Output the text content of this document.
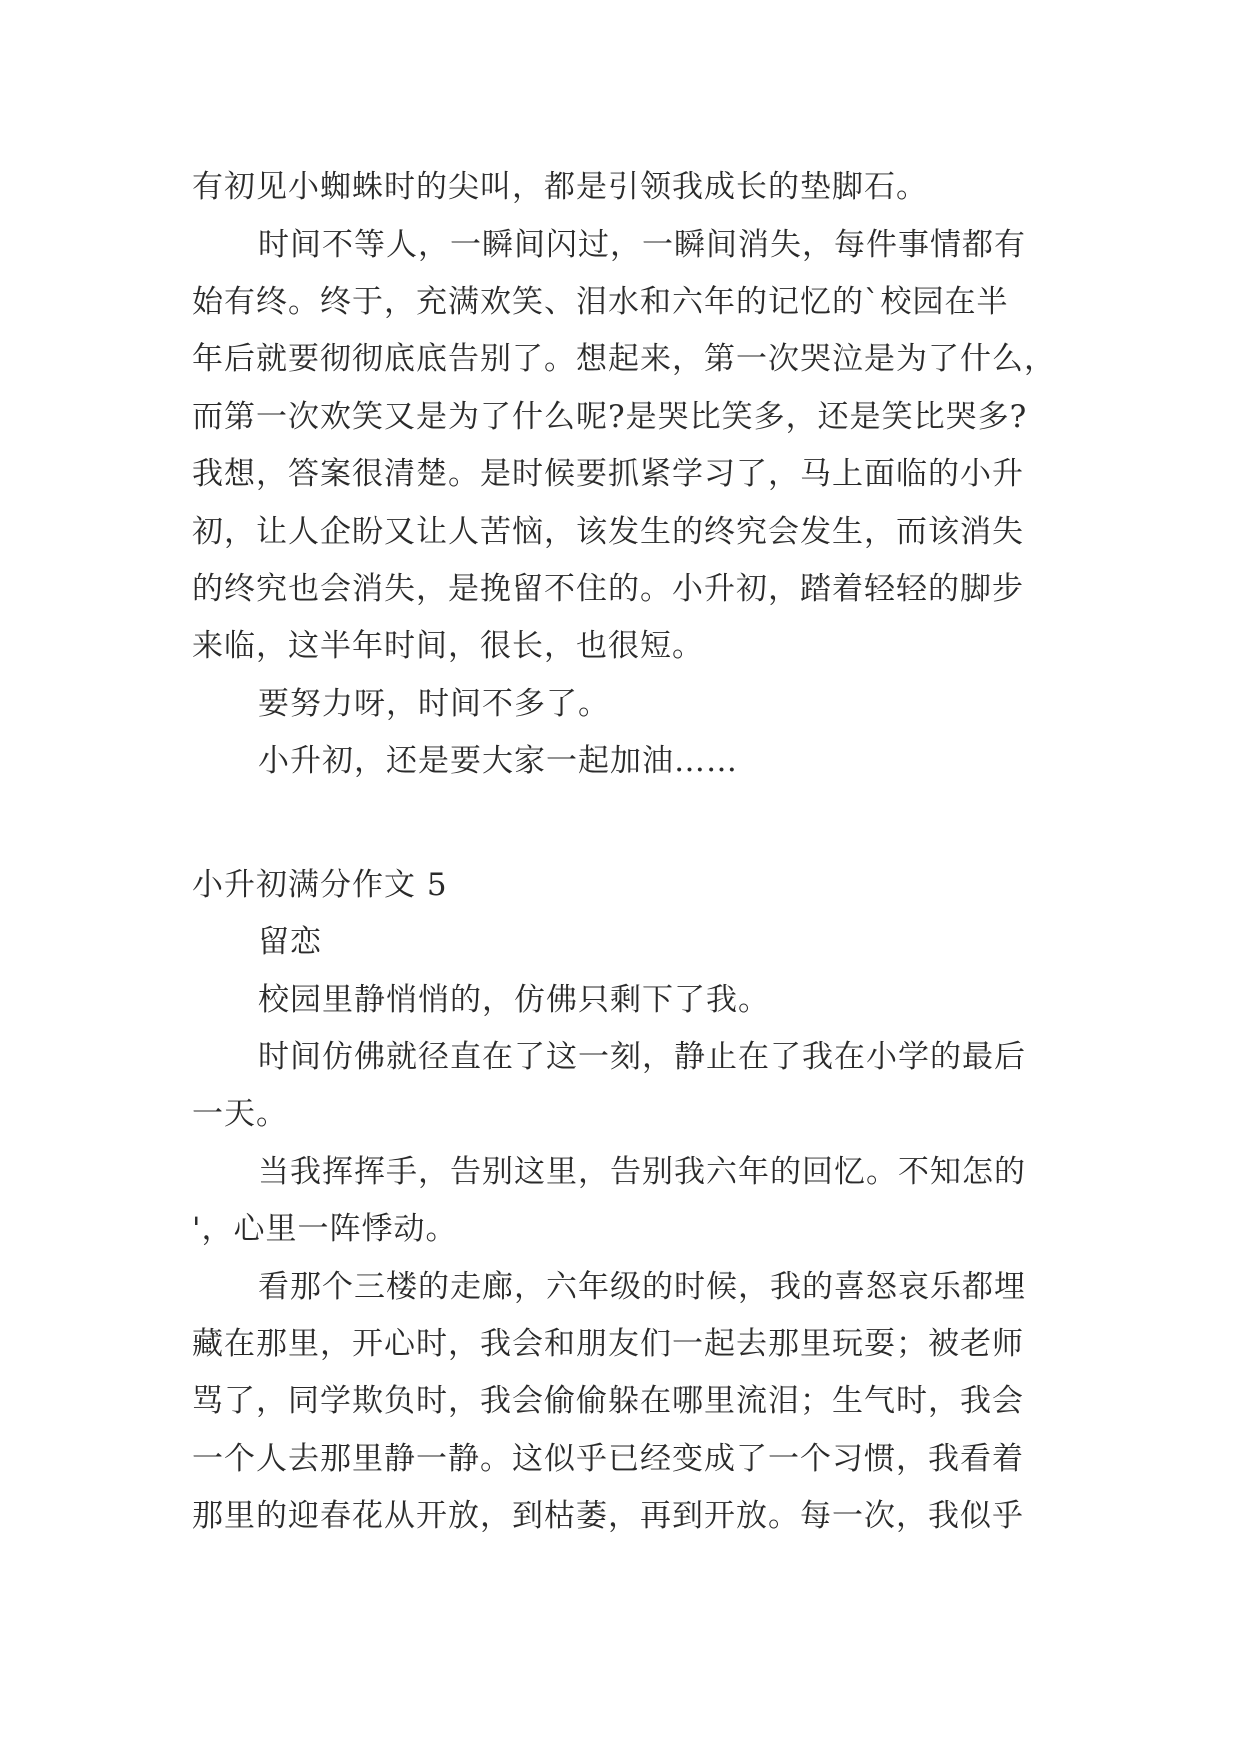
有初见小蜘蛛时的尖叫，都是引领我成长的垫脚石。

时间不等人，一瞬间闪过，一瞬间消失，每件事情都有

始有终。终于，充满欢笑、泪水和六年的记忆的`校园在半

年后就要彻彻底底告别了。想起来，第一次哭泣是为了什么，

而第一次欢笑又是为了什么呢?是哭比笑多，还是笑比哭多?

我想，答案很清楚。是时候要抓紧学习了，马上面临的小升

初，让人企盼又让人苦恼，该发生的终究会发生，而该消失

的终究也会消失，是挽留不住的。小升初，踏着轻轻的脚步

来临，这半年时间，很长，也很短。

要努力呀，时间不多了。

小升初，还是要大家一起加油……

小升初满分作文 5

留恋

校园里静悄悄的，仿佛只剩下了我。

时间仿佛就径直在了这一刻，静止在了我在小学的最后

一天。

当我挥挥手，告别这里，告别我六年的回忆。不知怎的

'，心里一阵悸动。

看那个三楼的走廊，六年级的时候，我的喜怒哀乐都埋

藏在那里，开心时，我会和朋友们一起去那里玩耍；被老师

骂了，同学欺负时，我会偷偷躲在哪里流泪；生气时，我会

一个人去那里静一静。这似乎已经变成了一个习惯，我看着

那里的迎春花从开放，到枯萎，再到开放。每一次，我似乎
